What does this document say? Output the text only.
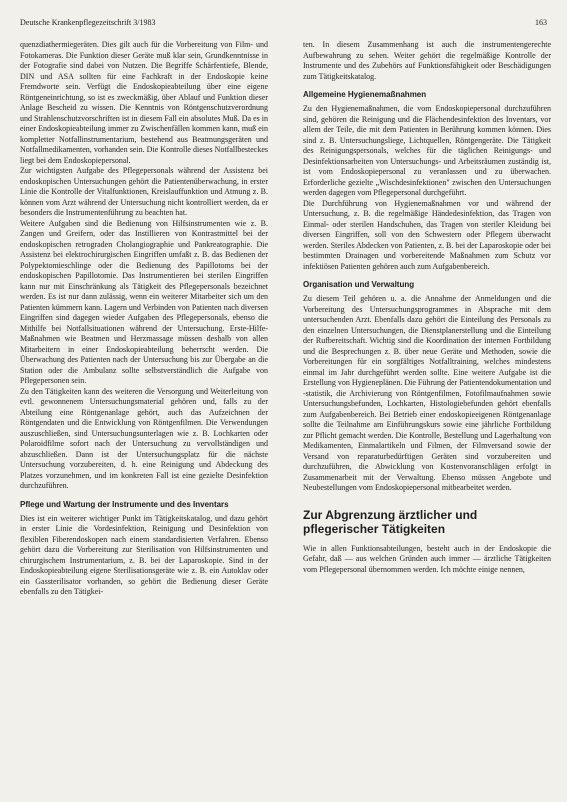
Deutsche Krankenpflegezeitschrift 3/1983	163

quenzdiathermiegeräten. Dies gilt auch für die Vorbereitung von Film- und Fotokameras. Die Funktion dieser Geräte muß klar sein, Grundkenntnisse in der Fotografie sind dabei von Nutzen. Die Begriffe Schärfentiefe, Blende, DIN und ASA sollten für eine Fachkraft in der Endoskopie keine Fremdworte sein. Verfügt die Endoskopieabteilung über eine eigene Röntgeneinrichtung, so ist es zweckmäßig, über Ablauf und Funktion dieser Anlage Bescheid zu wissen. Die Kenntnis von Röntgenschutzverordnung und Strahlenschutzvorschriften ist in diesem Fall ein absolutes Muß. Da es in einer Endoskopieabteilung immer zu Zwischenfällen kommen kann, muß ein kompletter Notfallinstrumentarium, bestehend aus Beatmungsgeräten und Notfallmedikamenten, vorhanden sein. Die Kontrolle dieses Notfallbesteckes liegt bei dem Endoskopiepersonal.

Zur wichtigsten Aufgabe des Pflegepersonals während der Assistenz bei endoskopischen Untersuchungen gehört die Patientenüberwachung, in erster Linie die Kontrolle der Vitalfunktionen, Kreislauffunktion und Atmung z. B. können vom Arzt während der Untersuchung nicht kontrolliert werden, da er besonders die Instrumentenführung zu beachten hat.

Weitere Aufgaben sind die Bedienung von Hilfsinstrumenten wie z. B. Zangen und Greifern, oder das Instillieren von Kontrastmittel bei der endoskopischen retrograden Cholangiographie und Pankreatographie. Die Assistenz bei elektrochirurgischen Eingriffen umfaßt z. B. das Bedienen der Polypektomieschlinge oder die Bedienung des Papillotoms bei der endoskopischen Papillotomie. Das Instrumentieren bei sterilen Eingriffen kann nur mit Einschränkung als Tätigkeit des Pflegepersonals bezeichnet werden. Es ist nur dann zulässig, wenn ein weiterer Mitarbeiter sich um den Patienten kümmern kann. Lagern und Verbinden von Patienten nach diversen Eingriffen sind dagegen wieder Aufgaben des Pflegepersonals, ebenso die Mithilfe bei Notfallsituationen während der Untersuchung. Erste-Hilfe-Maßnahmen wie Beatmen und Herzmassage müssen deshalb von allen Mitarbeitern in einer Endoskopieabteilung beherrscht werden. Die Überwachung des Patienten nach der Untersuchung bis zur Übergabe an die Station oder die Ambulanz sollte selbstverständlich die Aufgabe von Pflegepersonen sein.

Zu den Tätigkeiten kann des weiteren die Versorgung und Weiterleitung von evtl. gewonnenem Untersuchungsmaterial gehören und, falls zu der Abteilung eine Röntgenanlage gehört, auch das Aufzeichnen der Röntgendaten und die Entwicklung von Röntgenfilmen. Die Verwendungen auszuschließen, sind Untersuchungsunterlagen wie z. B. Lochkarten oder Polaroidfilme sofort nach der Untersuchung zu vervollständigen und abzuschließen. Dann ist der Untersuchungsplatz für die nächste Untersuchung vorzubereiten, d. h. eine Reinigung und Abdeckung des Platzes vorzunehmen, und im konkreten Fall ist eine gezielte Desinfektion durchzuführen.

Pflege und Wartung der Instrumente und des Inventars

Dies ist ein weiterer wichtiger Punkt im Tätigkeitskatalog, und dazu gehört in erster Linie die Vordesinfektion, Reinigung und Desinfektion von flexiblen Fiberendoskopen nach einem standardisierten Verfahren. Ebenso gehört dazu die Vorbereitung zur Sterilisation von Hilfsinstrumenten und chirurgischem Instrumentarium, z. B. bei der Laparoskopie. Sind in der Endoskopieabteilung eigene Sterilisationsgeräte wie z. B. ein Autoklav oder ein Gassterilisator vorhanden, so gehört die Bedienung dieser Geräte ebenfalls zu den Tätigkei-

ten. In diesem Zusammenhang ist auch die instrumentengerechte Aufbewahrung zu sehen. Weiter gehört die regelmäßige Kontrolle der Instrumente und des Zubehörs auf Funktionsfähigkeit oder Beschädigungen zum Tätigkeitskatalog.

Allgemeine Hygienemaßnahmen

Zu den Hygienemaßnahmen, die vom Endoskopiepersonal durchzuführen sind, gehören die Reinigung und die Flächendesinfektion des Inventars, vor allem der Teile, die mit dem Patienten in Berührung kommen können. Dies sind z. B. Untersuchungsliege, Lichtquellen, Röntgengeräte. Die Tätigkeit des Reinigungspersonals, welches für die täglichen Reinigungs- und Desinfektionsarbeiten von Untersuchungs- und Arbeitsräumen zuständig ist, ist vom Endoskopiepersonal zu veranlassen und zu überwachen. Erforderliche gezielte „Wischdesinfektionen" zwischen den Untersuchungen werden dagegen vom Pflegepersonal durchgeführt.

Die Durchführung von Hygienemaßnahmen vor und während der Untersuchung, z. B. die regelmäßige Händedesinfektion, das Tragen von Einmal- oder sterilen Handschuhen, das Tragen von steriler Kleidung bei diversen Eingriffen, soll von den Schwestern oder Pflegern überwacht werden. Steriles Abdecken von Patienten, z. B. bei der Laparoskopie oder bei bestimmten Drainagen und vorbereitende Maßnahmen zum Schutz vor infektiösen Patienten gehören auch zum Aufgabenbereich.

Organisation und Verwaltung

Zu diesem Teil gehören u. a. die Annahme der Anmeldungen und die Vorbereitung des Untersuchungsprogrammes in Absprache mit dem untersuchenden Arzt. Ebenfalls dazu gehört die Einteilung des Personals zu den einzelnen Untersuchungen, die Dienstplanerstellung und die Einteilung der Rufbereitschaft. Wichtig sind die Koordination der internen Fortbildung und die Besprechungen z. B. über neue Geräte und Methoden, sowie die Vorbereitungen für ein sorgfältiges Notfalltraining, welches mindestens einmal im Jahr durchgeführt werden sollte. Eine weitere Aufgabe ist die Erstellung von Hygieneplänen. Die Führung der Patientendokumentation und -statistik, die Archivierung von Röntgenfilmen, Fotofilmaufnahmen sowie Untersuchungsbefunden, Lochkarten, Histologiebefunden gehört ebenfalls zum Aufgabenbereich. Bei Betrieb einer endoskopieeigenen Röntgenanlage sollte die Teilnahme am Einführungskurs sowie eine jährliche Fortbildung zur Pflicht gemacht werden. Die Kontrolle, Bestellung und Lagerhaltung von Medikamenten, Einmalartikeln und Filmen, der Filmversand sowie der Versand von reparaturbedürftigen Geräten sind vorzubereiten und durchzuführen, die Abwicklung von Kostenvoranschlägen erfolgt in Zusammenarbeit mit der Verwaltung. Ebenso müssen Angebote und Neubestellungen vom Endoskopiepersonal mitbearbeitet werden.

Zur Abgrenzung ärztlicher und pflegerischer Tätigkeiten

Wie in allen Funktionsabteilungen, besteht auch in der Endoskopie die Gefahr, daß — aus welchen Gründen auch immer — ärztliche Tätigkeiten vom Pflegepersonal übernommen werden. Ich möchte einige nennen,
